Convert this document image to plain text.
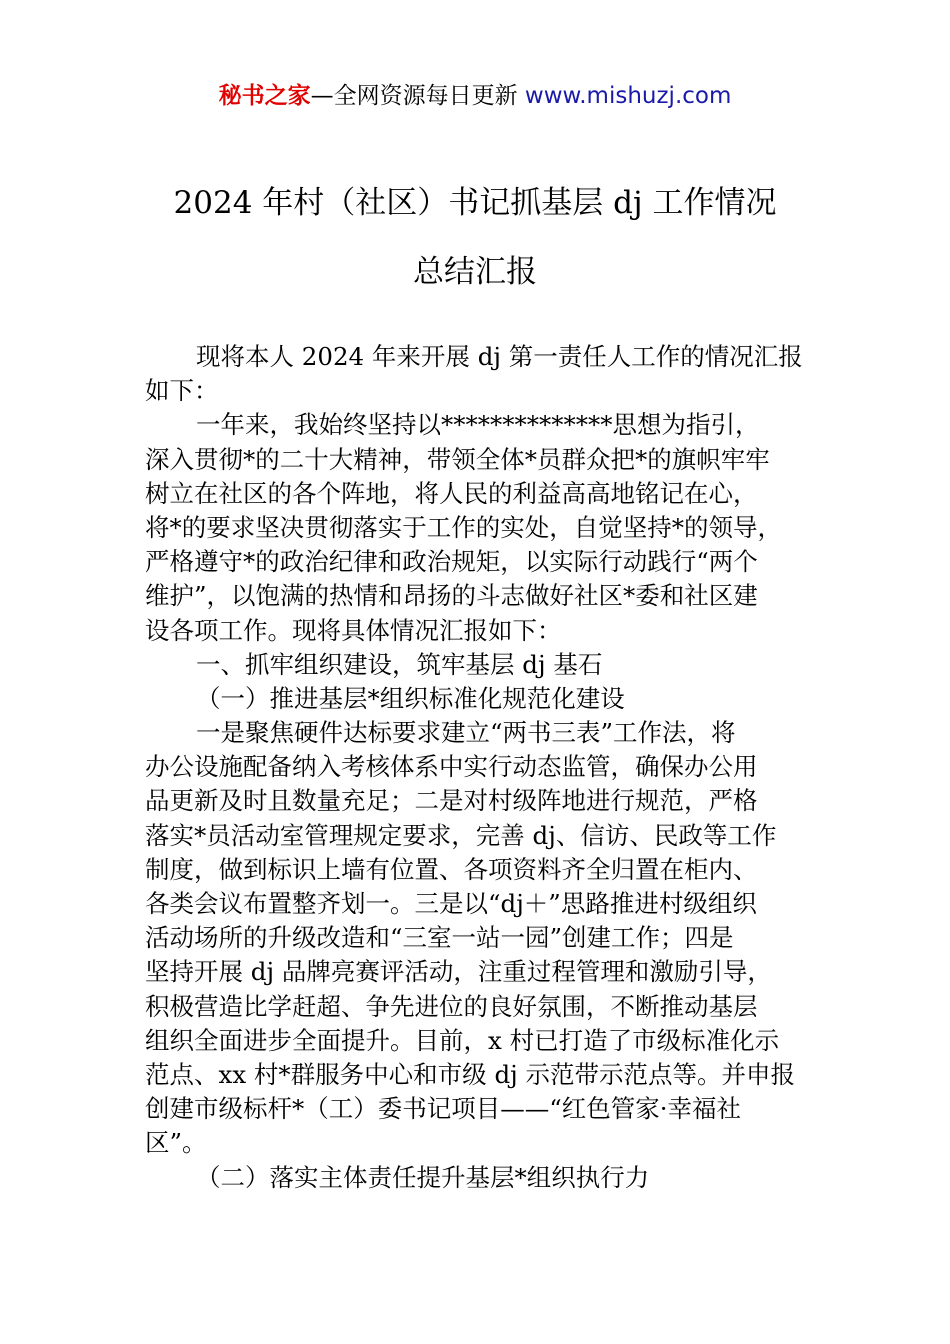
秘书之家—全网资源每日更新 www.mishuzj.com
2024 年村（社区）书记抓基层 dj 工作情况
总结汇报
现将本人 2024 年来开展 dj 第一责任人工作的情况汇报
如下：
一年来，我始终坚持以**************思想为指引，
深入贯彻*的二十大精神，带领全体*员群众把*的旗帜牢牢
树立在社区的各个阵地，将人民的利益高高地铭记在心，
将*的要求坚决贯彻落实于工作的实处，自觉坚持*的领导，
严格遵守*的政治纪律和政治规矩，以实际行动践行“两个
维护”，以饱满的热情和昂扬的斗志做好社区*委和社区建
设各项工作。现将具体情况汇报如下：
一、抓牢组织建设，筑牢基层 dj 基石
（一）推进基层*组织标准化规范化建设
一是聚焦硬件达标要求建立“两书三表”工作法，将
办公设施配备纳入考核体系中实行动态监管，确保办公用
品更新及时且数量充足；二是对村级阵地进行规范，严格
落实*员活动室管理规定要求，完善 dj、信访、民政等工作
制度，做到标识上墙有位置、各项资料齐全归置在柜内、
各类会议布置整齐划一。三是以“dj＋”思路推进村级组织
活动场所的升级改造和“三室一站一园”创建工作；四是
坚持开展 dj 品牌亮赛评活动，注重过程管理和激励引导，
积极营造比学赶超、争先进位的良好氛围，不断推动基层
组织全面进步全面提升。目前，x 村已打造了市级标准化示
范点、xx 村*群服务中心和市级 dj 示范带示范点等。并申报
创建市级标杆*（工）委书记项目——“红色管家·幸福社
区”。
（二）落实主体责任提升基层*组织执行力
